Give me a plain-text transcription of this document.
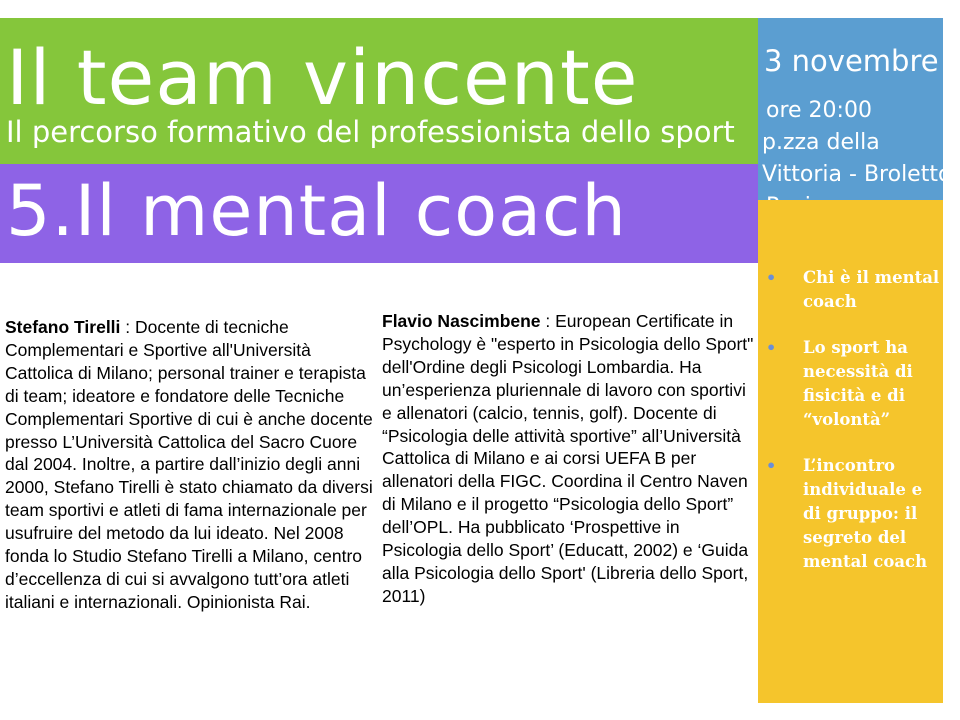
Il team vincente
Il percorso formativo del professionista dello sport
5.Il mental coach
3 novembre
ore 20:00
p.zza della
Vittoria - Broletto
• Chi è il mental coach
• Lo sport ha necessità di fisicità e di “volontà”
• L’incontro individuale e di gruppo: il segreto del mental coach

Stefano Tirelli : Docente di tecniche Complementari e Sportive all'Università Cattolica di Milano; personal trainer e terapista di team; ideatore e fondatore delle Tecniche Complementari Sportive di cui è anche docente presso L’Università Cattolica del Sacro Cuore dal 2004. Inoltre, a partire dall’inizio degli anni 2000, Stefano Tirelli è stato chiamato da diversi team sportivi e atleti di fama internazionale per usufruire del metodo da lui ideato. Nel 2008 fonda lo Studio Stefano Tirelli a Milano, centro d’eccellenza di cui si avvalgono tutt’ora atleti italiani e internazionali. Opinionista Rai.

Flavio Nascimbene : European Certificate in Psychology è "esperto in Psicologia dello Sport" dell'Ordine degli Psicologi Lombardia. Ha un’esperienza pluriennale di lavoro con sportivi e allenatori (calcio, tennis, golf). Docente di “Psicologia delle attività sportive” all’Università Cattolica di Milano e ai corsi UEFA B per allenatori della FIGC. Coordina il Centro Naven di Milano e il progetto “Psicologia dello Sport” dell’OPL. Ha pubblicato ‘Prospettive in Psicologia dello Sport’ (Educatt, 2002) e ‘Guida alla Psicologia dello Sport' (Libreria dello Sport, 2011)
